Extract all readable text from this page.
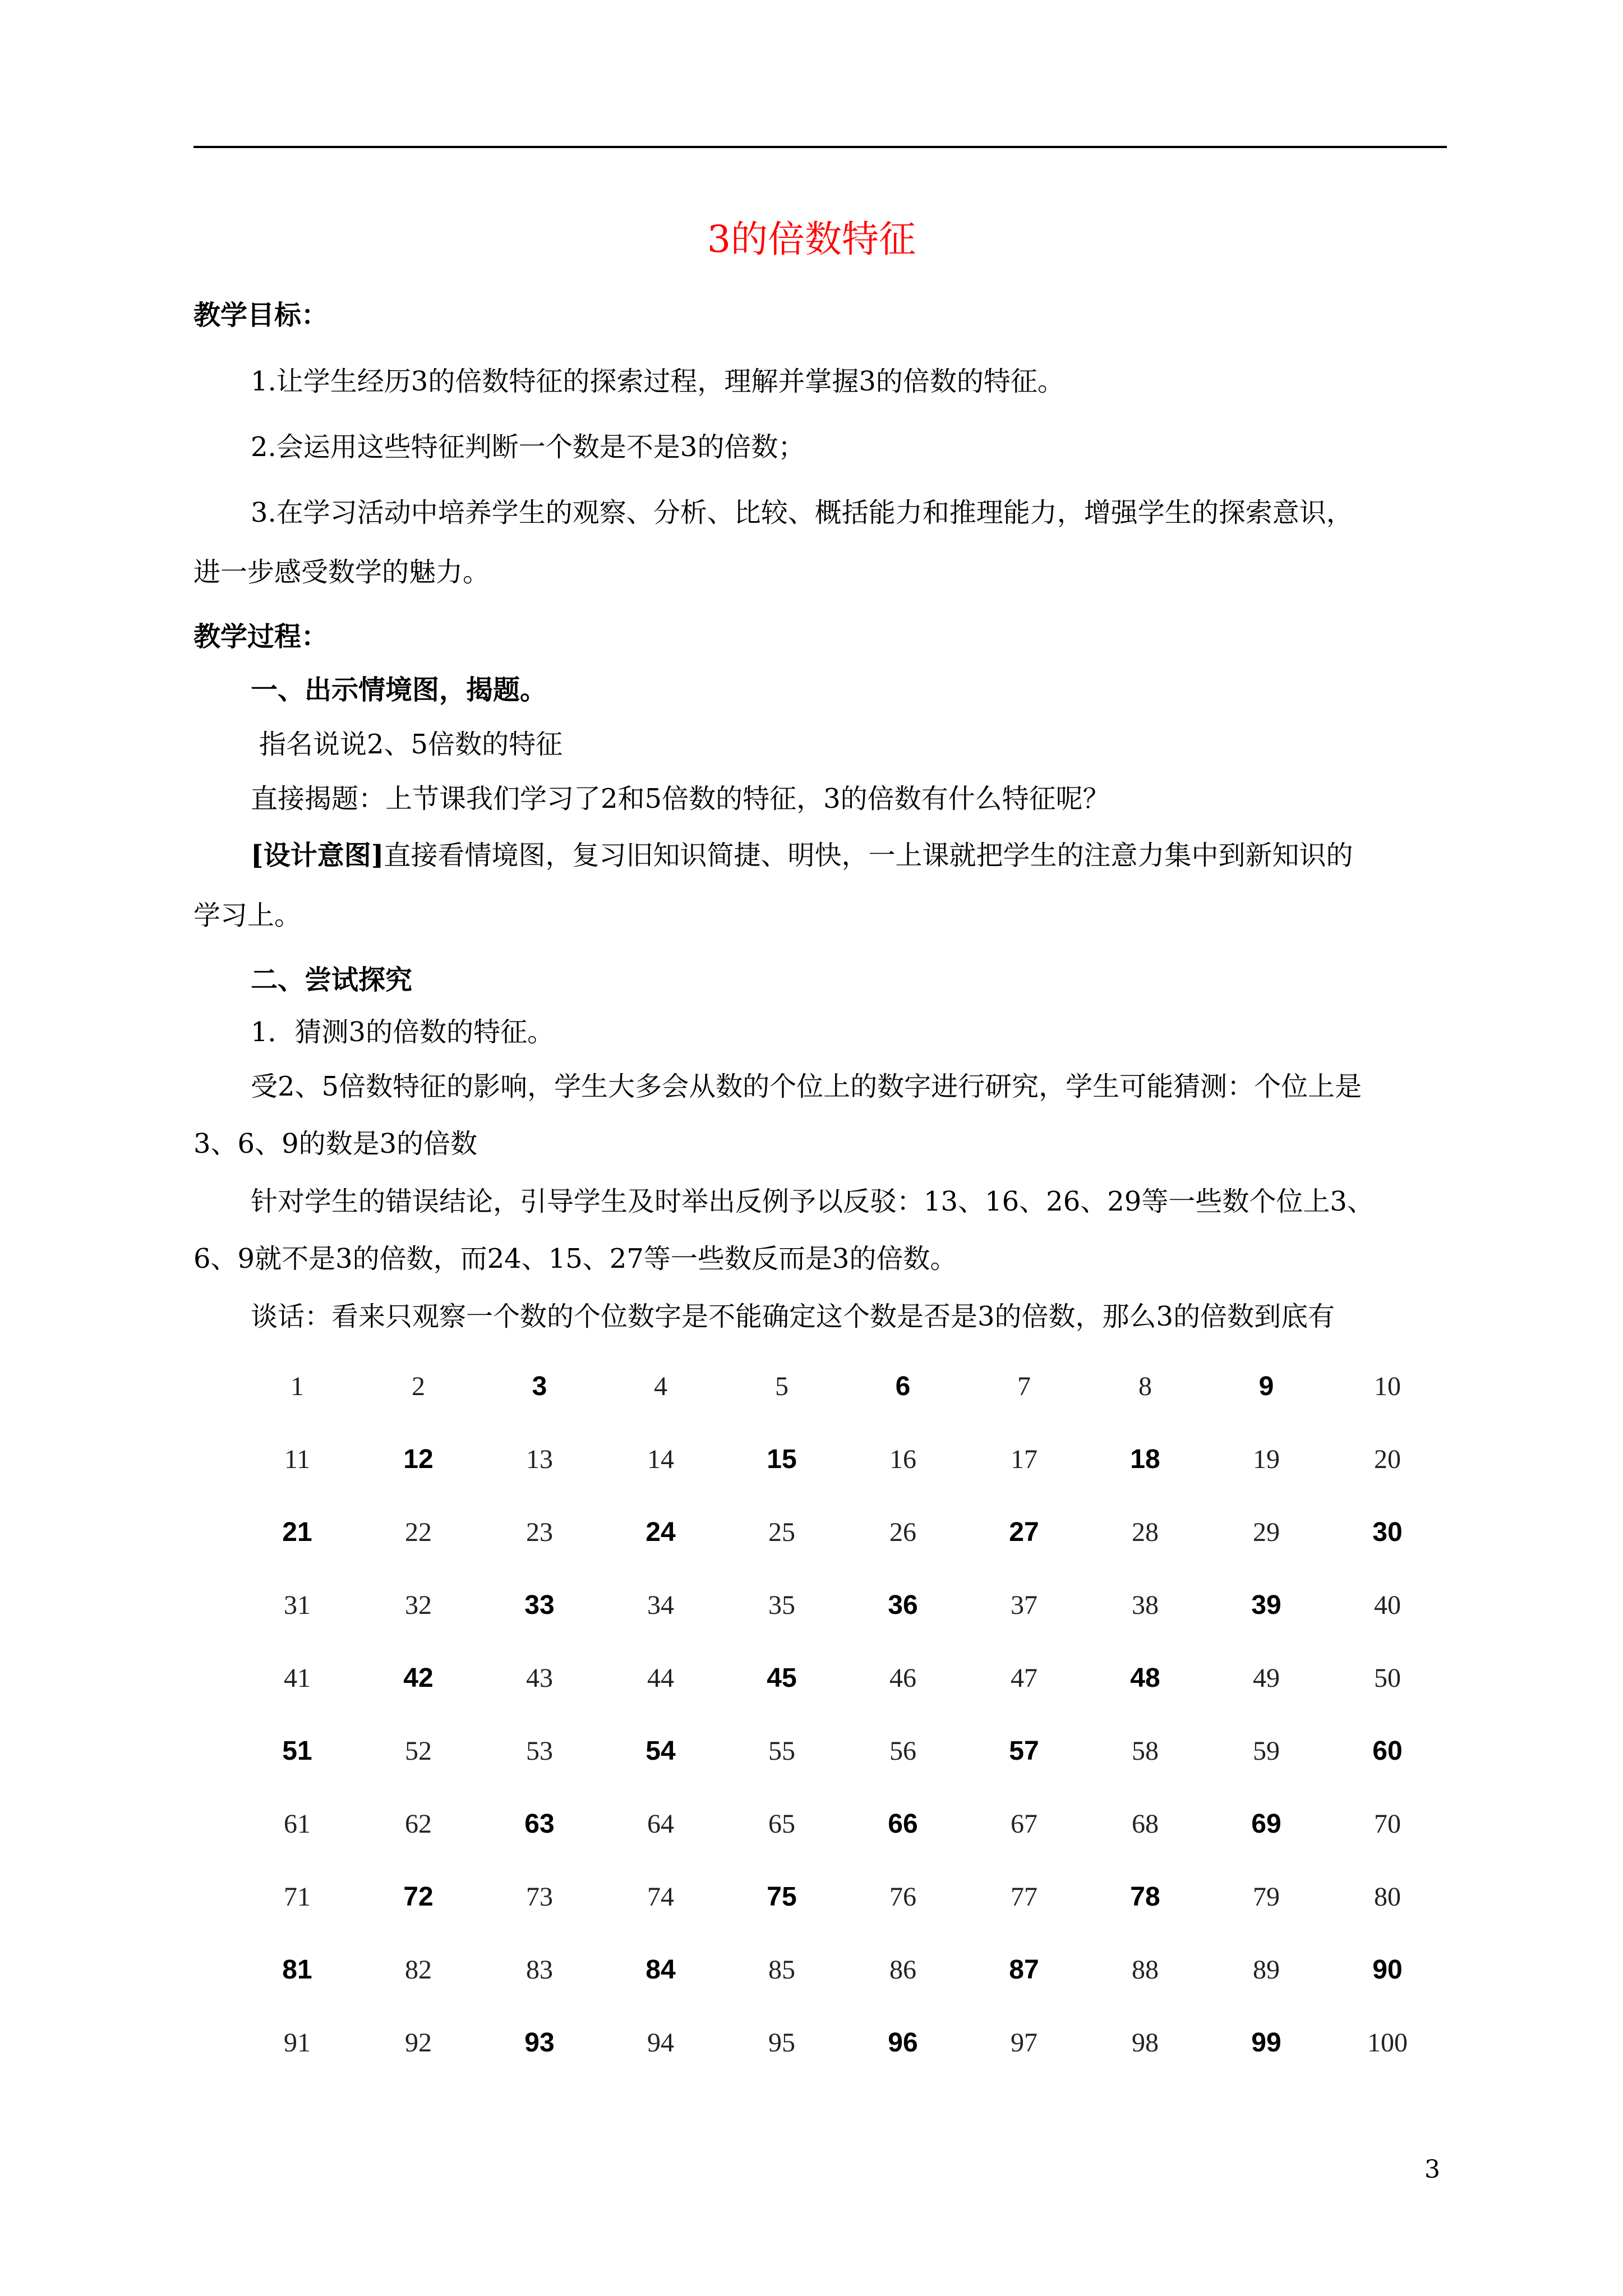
3的倍数特征
教学目标：
1.让学生经历3的倍数特征的探索过程，理解并掌握3的倍数的特征。
2.会运用这些特征判断一个数是不是3的倍数；
3.在学习活动中培养学生的观察、分析、比较、概括能力和推理能力，增强学生的探索意识，
进一步感受数学的魅力。
教学过程：
一、出示情境图，揭题。
指名说说2、5倍数的特征
直接揭题：上节课我们学习了2和5倍数的特征，3的倍数有什么特征呢？
[设计意图]直接看情境图，复习旧知识简捷、明快，一上课就把学生的注意力集中到新知识的
学习上。
二、尝试探究
1．猜测3的倍数的特征。
受2、5倍数特征的影响，学生大多会从数的个位上的数字进行研究，学生可能猜测：个位上是
3、6、9的数是3的倍数
针对学生的错误结论，引导学生及时举出反例予以反驳：13、16、26、29等一些数个位上3、
6、9就不是3的倍数，而24、15、27等一些数反而是3的倍数。
谈话：看来只观察一个数的个位数字是不能确定这个数是否是3的倍数，那么3的倍数到底有
1	2	3	4	5	6	7	8	9	10
11	12	13	14	15	16	17	18	19	20
21	22	23	24	25	26	27	28	29	30
31	32	33	34	35	36	37	38	39	40
41	42	43	44	45	46	47	48	49	50
51	52	53	54	55	56	57	58	59	60
61	62	63	64	65	66	67	68	69	70
71	72	73	74	75	76	77	78	79	80
81	82	83	84	85	86	87	88	89	90
91	92	93	94	95	96	97	98	99	100
3
